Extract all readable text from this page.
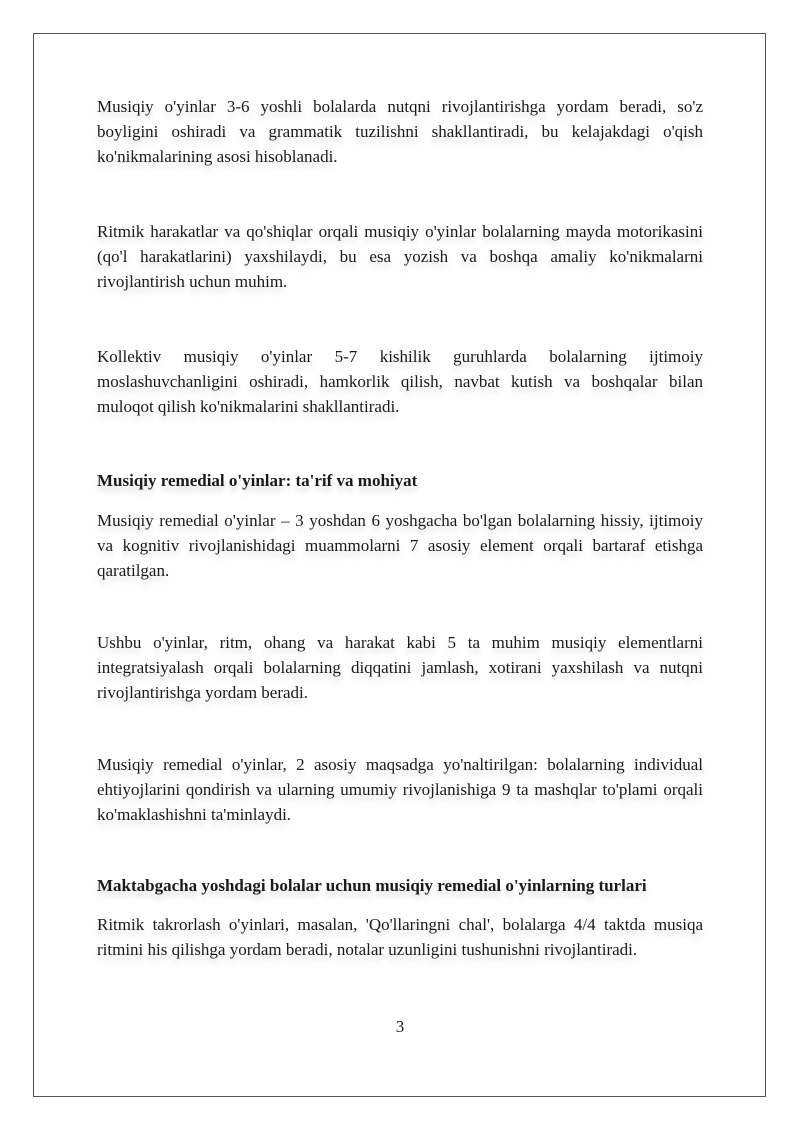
Musiqiy o'yinlar 3-6 yoshli bolalarda nutqni rivojlantirishga yordam beradi, so'z boyligini oshiradi va grammatik tuzilishni shakllantiradi, bu kelajakdagi o'qish ko'nikmalarining asosi hisoblanadi.

Ritmik harakatlar va qo'shiqlar orqali musiqiy o'yinlar bolalarning mayda motorikasini (qo'l harakatlarini) yaxshilaydi, bu esa yozish va boshqa amaliy ko'nikmalarni rivojlantirish uchun muhim.

Kollektiv musiqiy o'yinlar 5-7 kishilik guruhlarda bolalarning ijtimoiy moslashuvchanligini oshiradi, hamkorlik qilish, navbat kutish va boshqalar bilan muloqot qilish ko'nikmalarini shakllantiradi.

Musiqiy remedial o'yinlar: ta'rif va mohiyat

Musiqiy remedial o'yinlar – 3 yoshdan 6 yoshgacha bo'lgan bolalarning hissiy, ijtimoiy va kognitiv rivojlanishidagi muammolarni 7 asosiy element orqali bartaraf etishga qaratilgan.

Ushbu o'yinlar, ritm, ohang va harakat kabi 5 ta muhim musiqiy elementlarni integratsiyalash orqali bolalarning diqqatini jamlash, xotirani yaxshilash va nutqni rivojlantirishga yordam beradi.

Musiqiy remedial o'yinlar, 2 asosiy maqsadga yo'naltirilgan: bolalarning individual ehtiyojlarini qondirish va ularning umumiy rivojlanishiga 9 ta mashqlar to'plami orqali ko'maklashishni ta'minlaydi.

Maktabgacha yoshdagi bolalar uchun musiqiy remedial o'yinlarning turlari

Ritmik takrorlash o'yinlari, masalan, 'Qo'llaringni chal', bolalarga 4/4 taktda musiqa ritmini his qilishga yordam beradi, notalar uzunligini tushunishni rivojlantiradi.

3
